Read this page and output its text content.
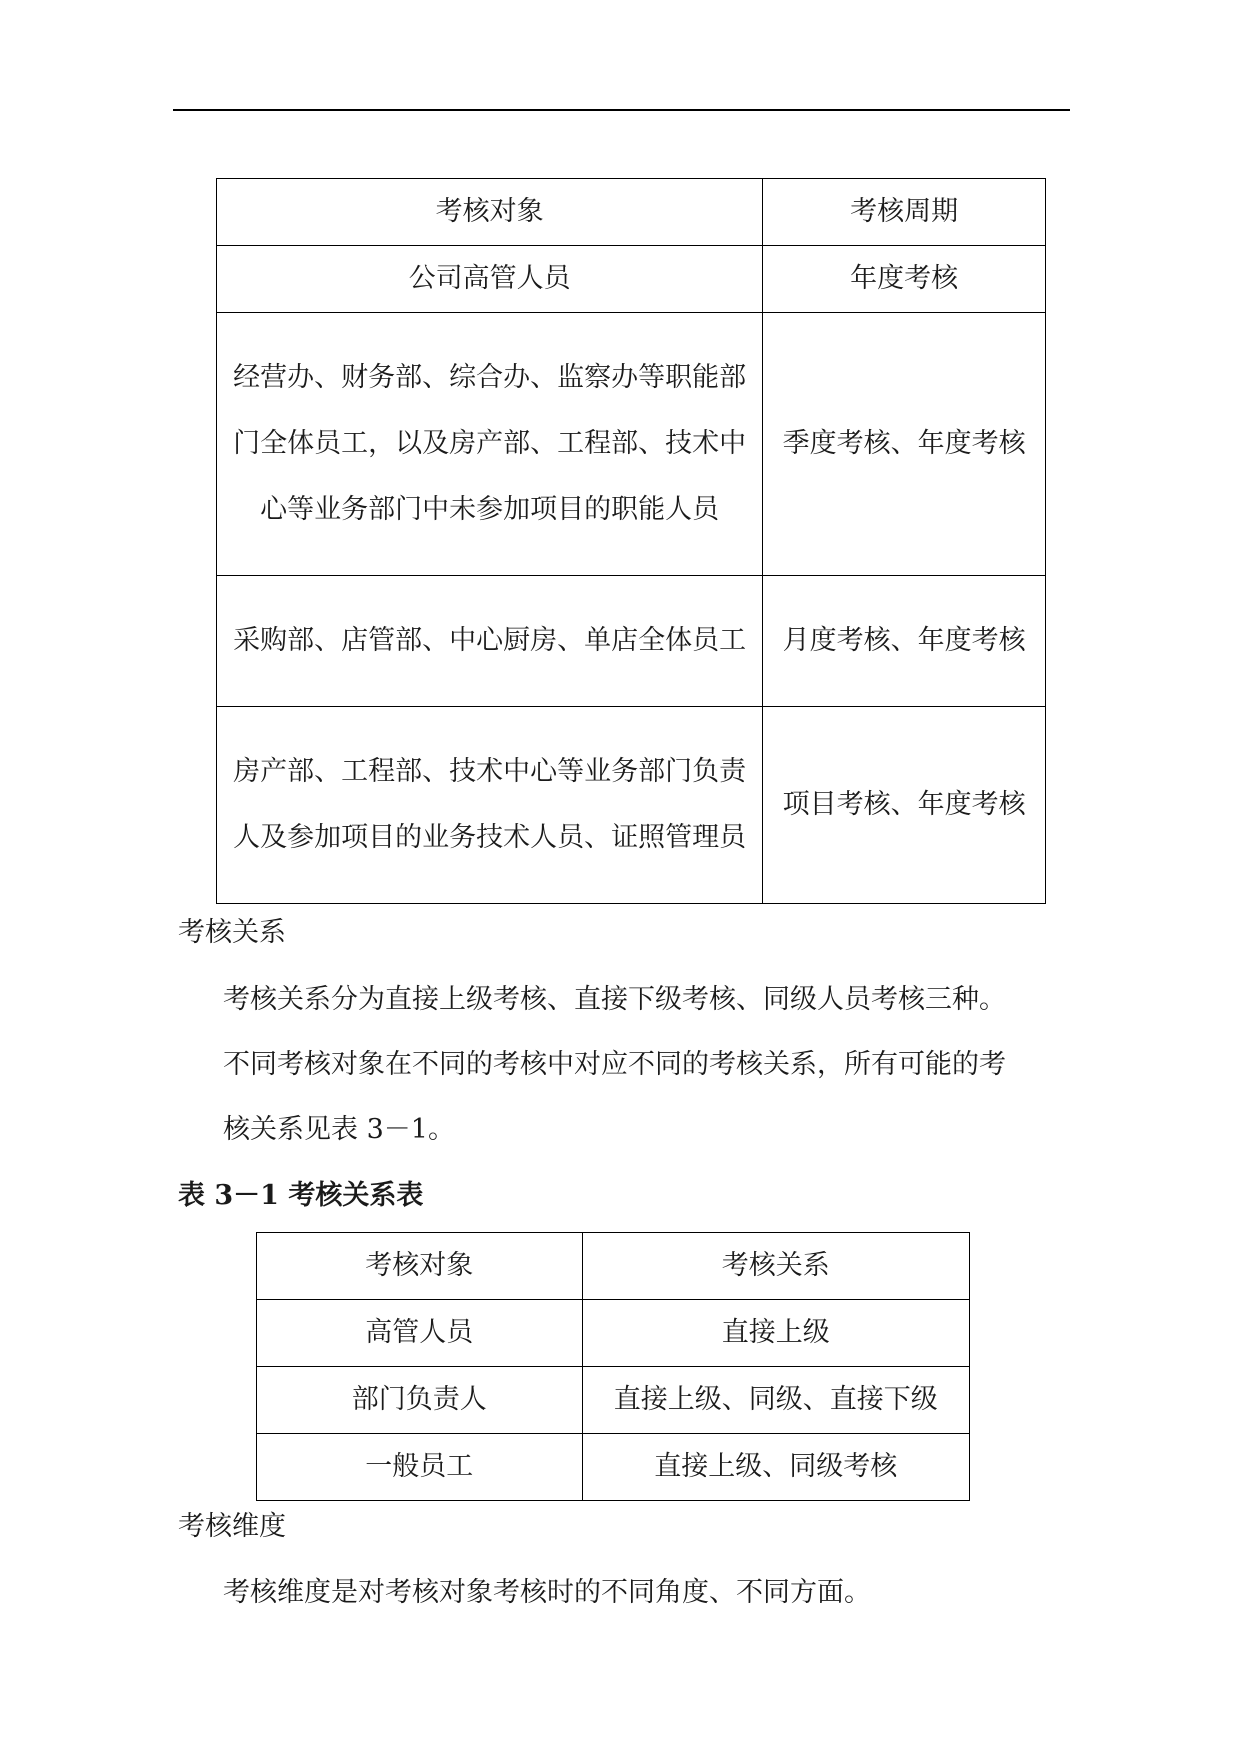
考核对象	考核周期
公司高管人员	年度考核
经营办、财务部、综合办、监察办等职能部门全体员工，以及房产部、工程部、技术中心等业务部门中未参加项目的职能人员	季度考核、年度考核
采购部、店管部、中心厨房、单店全体员工	月度考核、年度考核
房产部、工程部、技术中心等业务部门负责人及参加项目的业务技术人员、证照管理员	项目考核、年度考核
考核关系
考核关系分为直接上级考核、直接下级考核、同级人员考核三种。
不同考核对象在不同的考核中对应不同的考核关系，所有可能的考
核关系见表 3－1。
表 3－1 考核关系表
考核对象	考核关系
高管人员	直接上级
部门负责人	直接上级、同级、直接下级
一般员工	直接上级、同级考核
考核维度
考核维度是对考核对象考核时的不同角度、不同方面。
